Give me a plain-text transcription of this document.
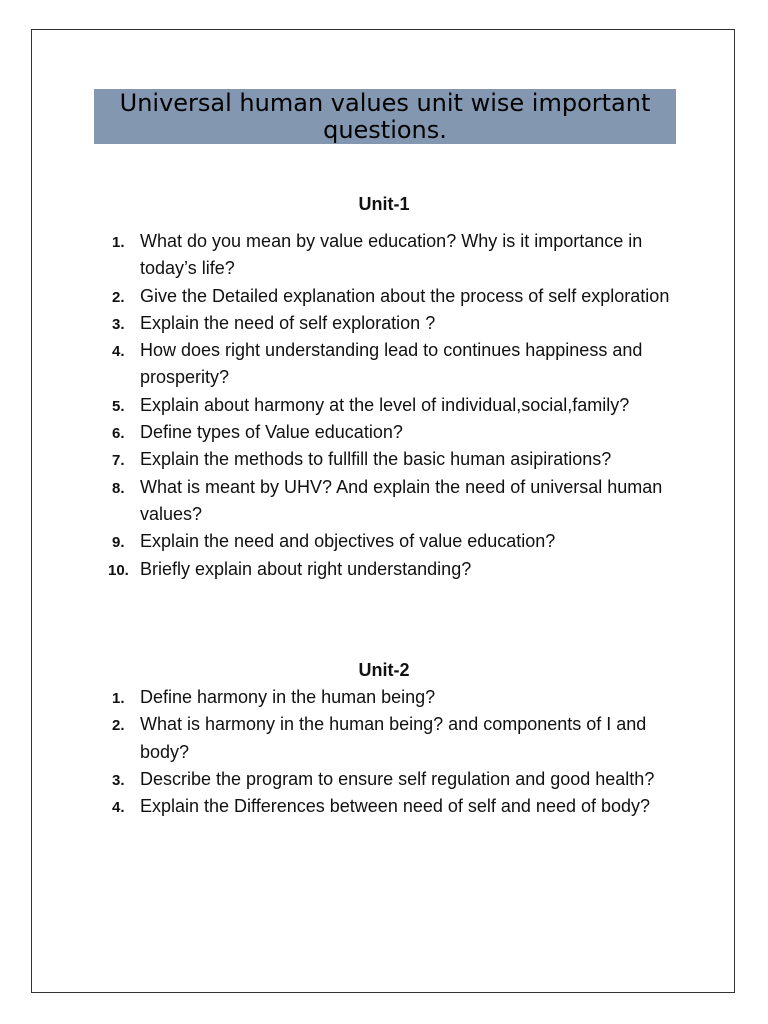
Universal human values unit wise important questions.
Unit-1
1. What do you mean by value education? Why is it importance in today’s life?
2. Give the Detailed explanation about the process of self exploration
3. Explain the need of self exploration ?
4. How does right understanding lead to continues happiness and prosperity?
5. Explain about harmony at the level of individual,social,family?
6. Define types of Value education?
7. Explain the methods to fullfill the basic human asipirations?
8. What is meant by UHV? And explain the need of universal human values?
9. Explain the need and objectives of value education?
10. Briefly explain about right understanding?
Unit-2
1. Define harmony in the human being?
2. What is harmony in the human being? and components of I and body?
3. Describe the program to ensure self regulation and good health?
4. Explain the Differences between need of self and need of body?
